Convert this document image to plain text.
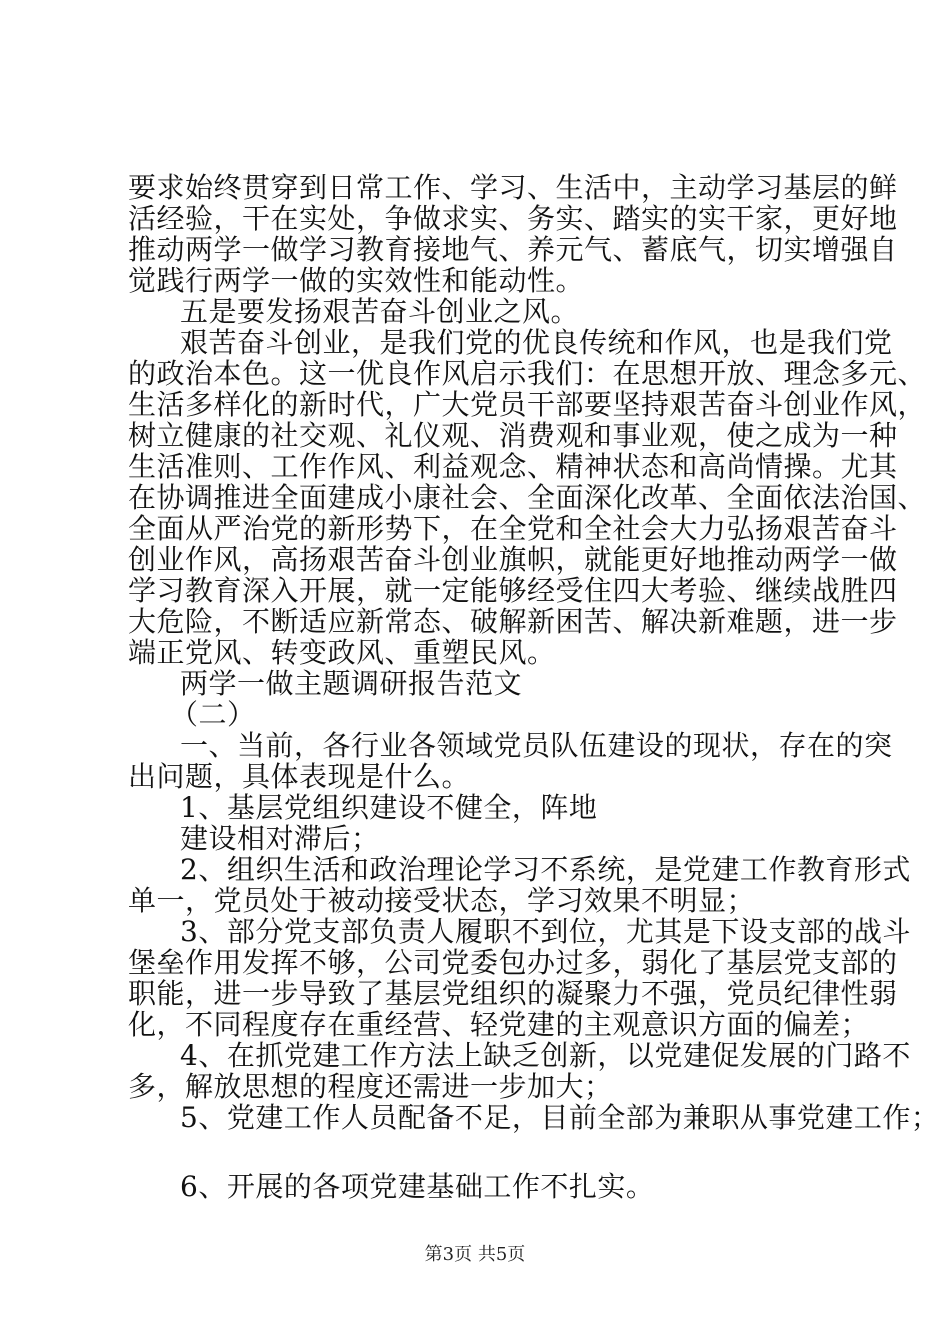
要求始终贯穿到日常工作、学习、生活中，主动学习基层的鲜
活经验，干在实处，争做求实、务实、踏实的实干家，更好地
推动两学一做学习教育接地气、养元气、蓄底气，切实增强自
觉践行两学一做的实效性和能动性。
五是要发扬艰苦奋斗创业之风。
艰苦奋斗创业，是我们党的优良传统和作风，也是我们党
的政治本色。这一优良作风启示我们：在思想开放、理念多元、
生活多样化的新时代，广大党员干部要坚持艰苦奋斗创业作风，
树立健康的社交观、礼仪观、消费观和事业观，使之成为一种
生活准则、工作作风、利益观念、精神状态和高尚情操。尤其
在协调推进全面建成小康社会、全面深化改革、全面依法治国、
全面从严治党的新形势下，在全党和全社会大力弘扬艰苦奋斗
创业作风，高扬艰苦奋斗创业旗帜，就能更好地推动两学一做
学习教育深入开展，就一定能够经受住四大考验、继续战胜四
大危险，不断适应新常态、破解新困苦、解决新难题，进一步
端正党风、转变政风、重塑民风。
两学一做主题调研报告范文
（二）
一、当前，各行业各领域党员队伍建设的现状，存在的突
出问题，具体表现是什么。
1、基层党组织建设不健全，阵地
建设相对滞后；
2、组织生活和政治理论学习不系统，是党建工作教育形式
单一，党员处于被动接受状态，学习效果不明显；
3、部分党支部负责人履职不到位，尤其是下设支部的战斗
堡垒作用发挥不够，公司党委包办过多，弱化了基层党支部的
职能，进一步导致了基层党组织的凝聚力不强，党员纪律性弱
化，不同程度存在重经营、轻党建的主观意识方面的偏差；
4、在抓党建工作方法上缺乏创新，以党建促发展的门路不
多，解放思想的程度还需进一步加大；
第3页 共5页
5、党建工作人员配备不足，目前全部为兼职从事党建工作；
6、开展的各项党建基础工作不扎实。
